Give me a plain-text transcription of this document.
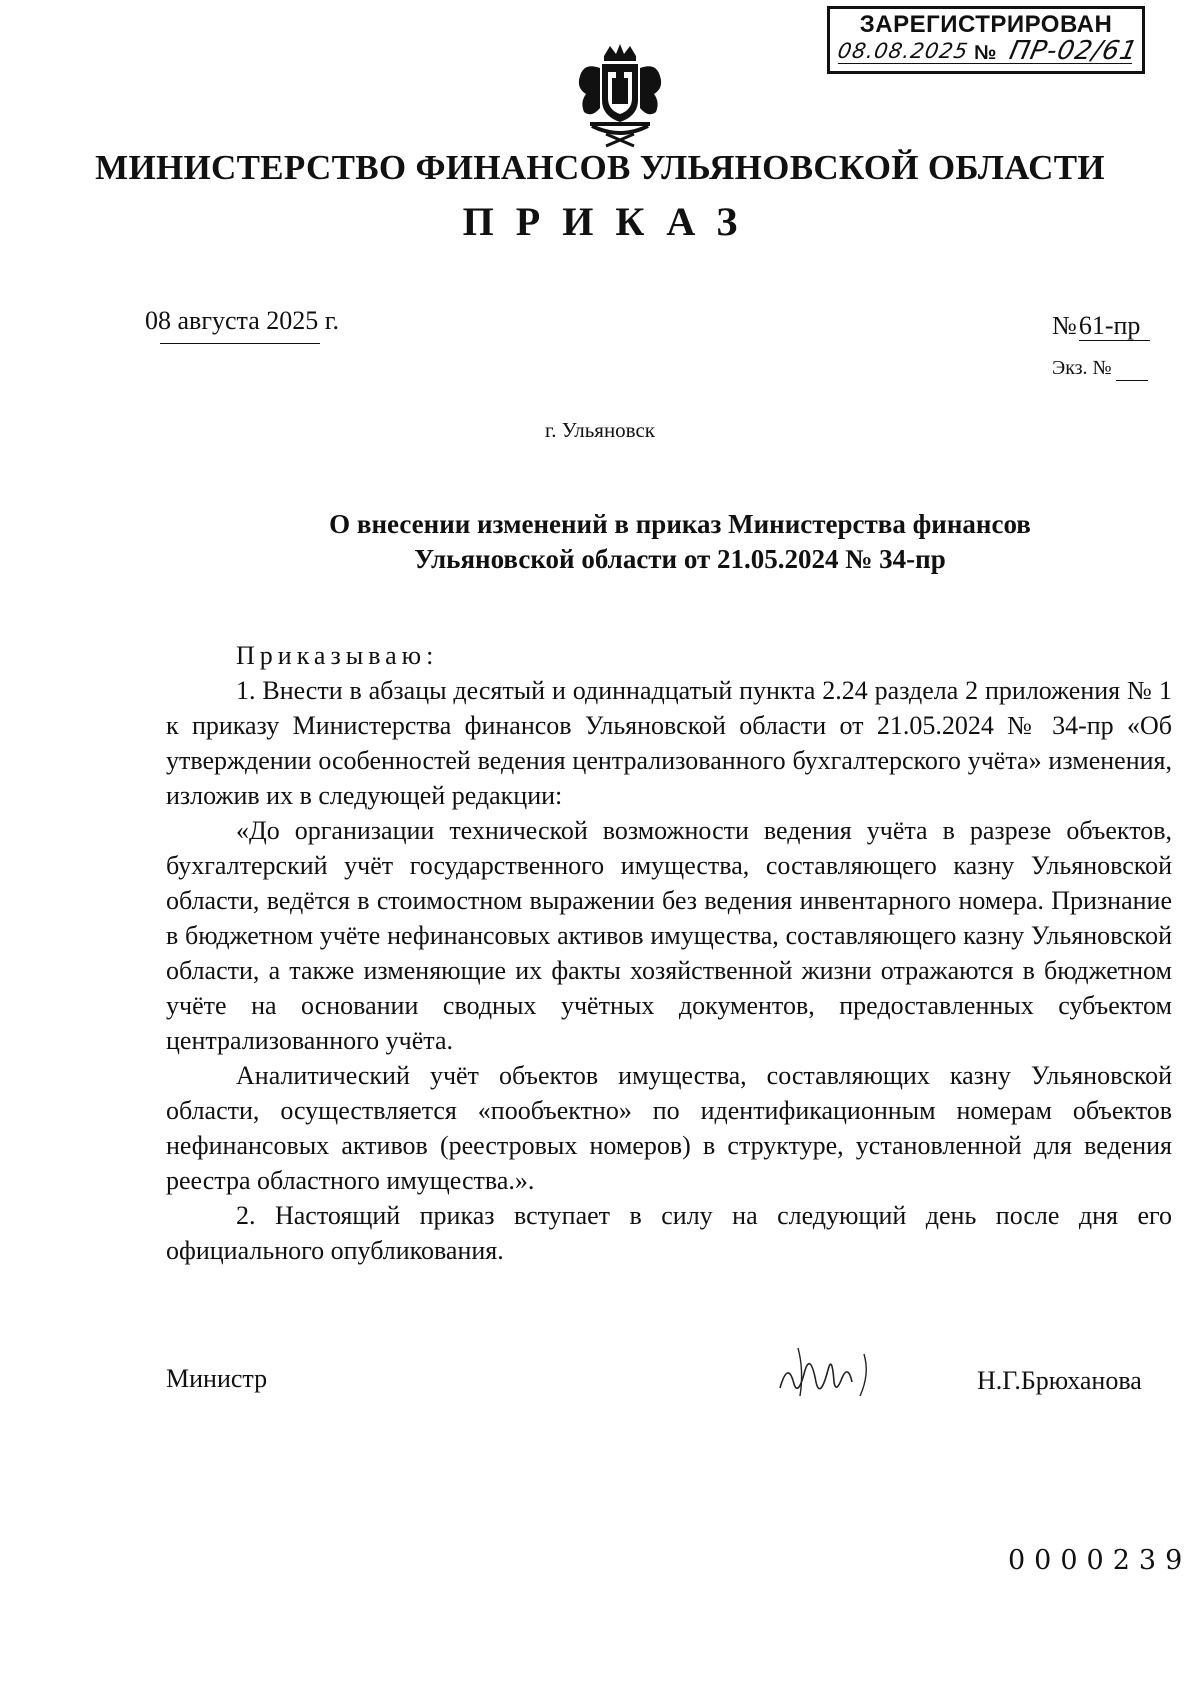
ЗАРЕГИСТРИРОВАН
08.08.2025 № ПР-02/61
МИНИСТЕРСТВО ФИНАНСОВ УЛЬЯНОВСКОЙ ОБЛАСТИ
ПРИКАЗ
08 августа 2025 г.	№61-пр
Экз. №
г. Ульяновск
О внесении изменений в приказ Министерства финансов
Ульяновской области от 21.05.2024 № 34-пр

Приказываю:

1. Внести в абзацы десятый и одиннадцатый пункта 2.24 раздела 2 приложения № 1 к приказу Министерства финансов Ульяновской области от 21.05.2024 № 34-пр «Об утверждении особенностей ведения централизованного бухгалтерского учёта» изменения, изложив их в следующей редакции:

«До организации технической возможности ведения учёта в разрезе объектов, бухгалтерский учёт государственного имущества, составляющего казну Ульяновской области, ведётся в стоимостном выражении без ведения инвентарного номера. Признание в бюджетном учёте нефинансовых активов имущества, составляющего казну Ульяновской области, а также изменяющие их факты хозяйственной жизни отражаются в бюджетном учёте на основании сводных учётных документов, предоставленных субъектом централизованного учёта.

Аналитический учёт объектов имущества, составляющих казну Ульяновской области, осуществляется «пообъектно» по идентификационным номерам объектов нефинансовых активов (реестровых номеров) в структуре, установленной для ведения реестра областного имущества.».

2. Настоящий приказ вступает в силу на следующий день после дня его официального опубликования.

Министр	Н.Г.Брюханова
0000239
